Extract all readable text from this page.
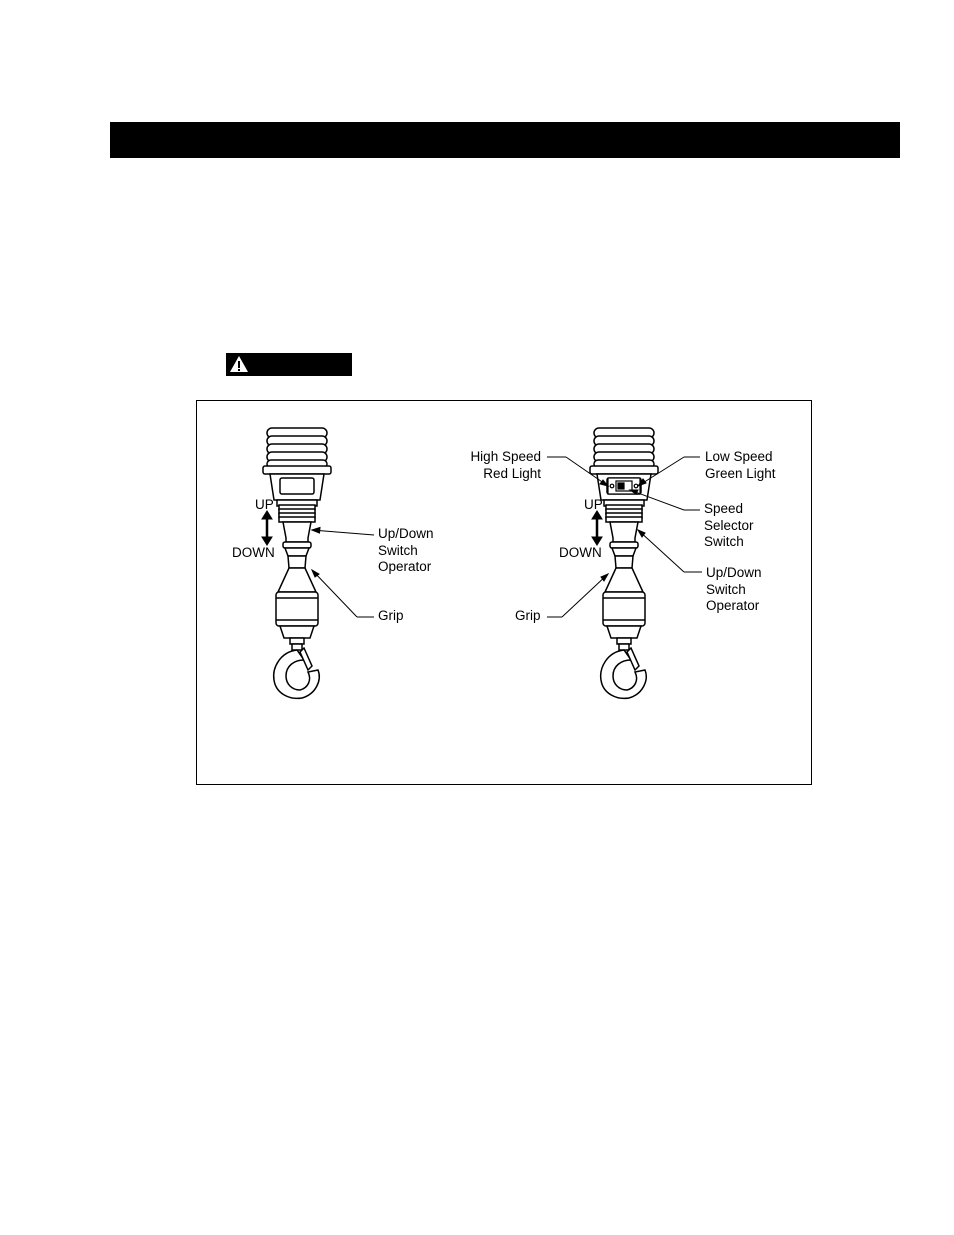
UP
DOWN
Up/Down
Switch
Operator
Grip
High Speed
Red Light
Low Speed
Green Light
Speed
Selector
Switch
UP
DOWN
Up/Down
Switch
Operator
Grip
